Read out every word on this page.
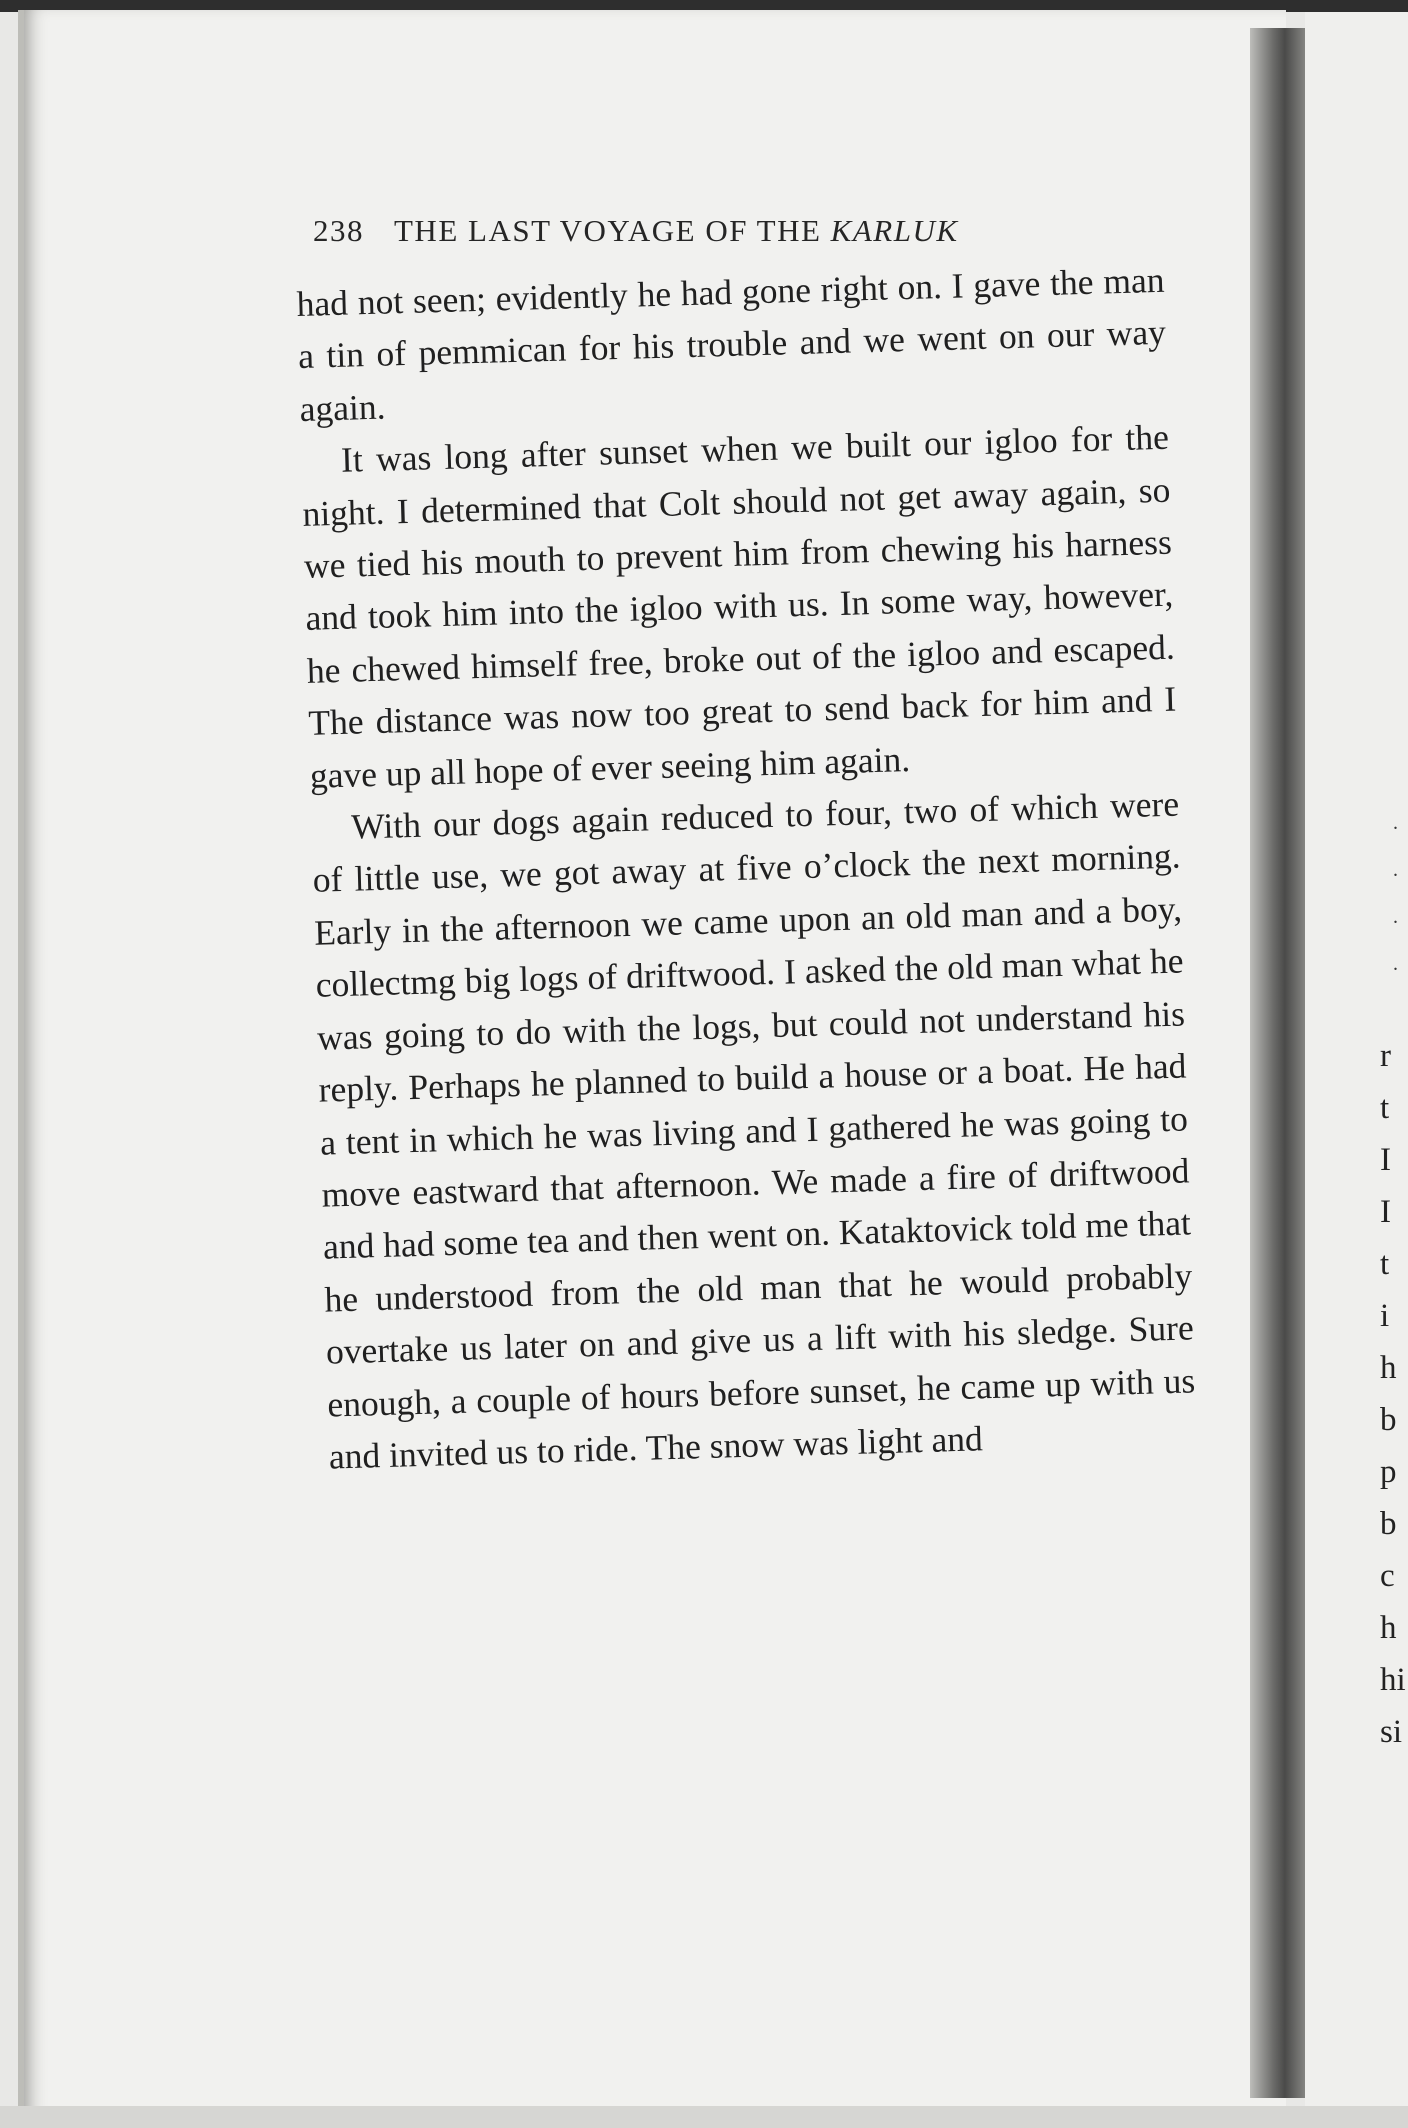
238 THE LAST VOYAGE OF THE KARLUK

had not seen; evidently he had gone right on. I gave the man a tin of pemmican for his trouble and we went on our way again.

It was long after sunset when we built our igloo for the night. I determined that Colt should not get away again, so we tied his mouth to prevent him from chewing his harness and took him into the igloo with us. In some way, however, he chewed himself free, broke out of the igloo and escaped. The distance was now too great to send back for him and I gave up all hope of ever seeing him again.

With our dogs again reduced to four, two of which were of little use, we got away at five o’clock the next morning. Early in the afternoon we came upon an old man and a boy, collectmg big logs of driftwood. I asked the old man what he was going to do with the logs, but could not understand his reply. Perhaps he planned to build a house or a boat. He had a tent in which he was living and I gathered he was going to move eastward that afternoon. We made a fire of driftwood and had some tea and then went on. Kataktovick told me that he understood from the old man that he would probably overtake us later on and give us a lift with his sledge. Sure enough, a couple of hours before sunset, he came up with us and invited us to ride. The snow was light and

.
.
.
.
r
t
I
I
t
i
h
b
p
b
c
h
hi
si
